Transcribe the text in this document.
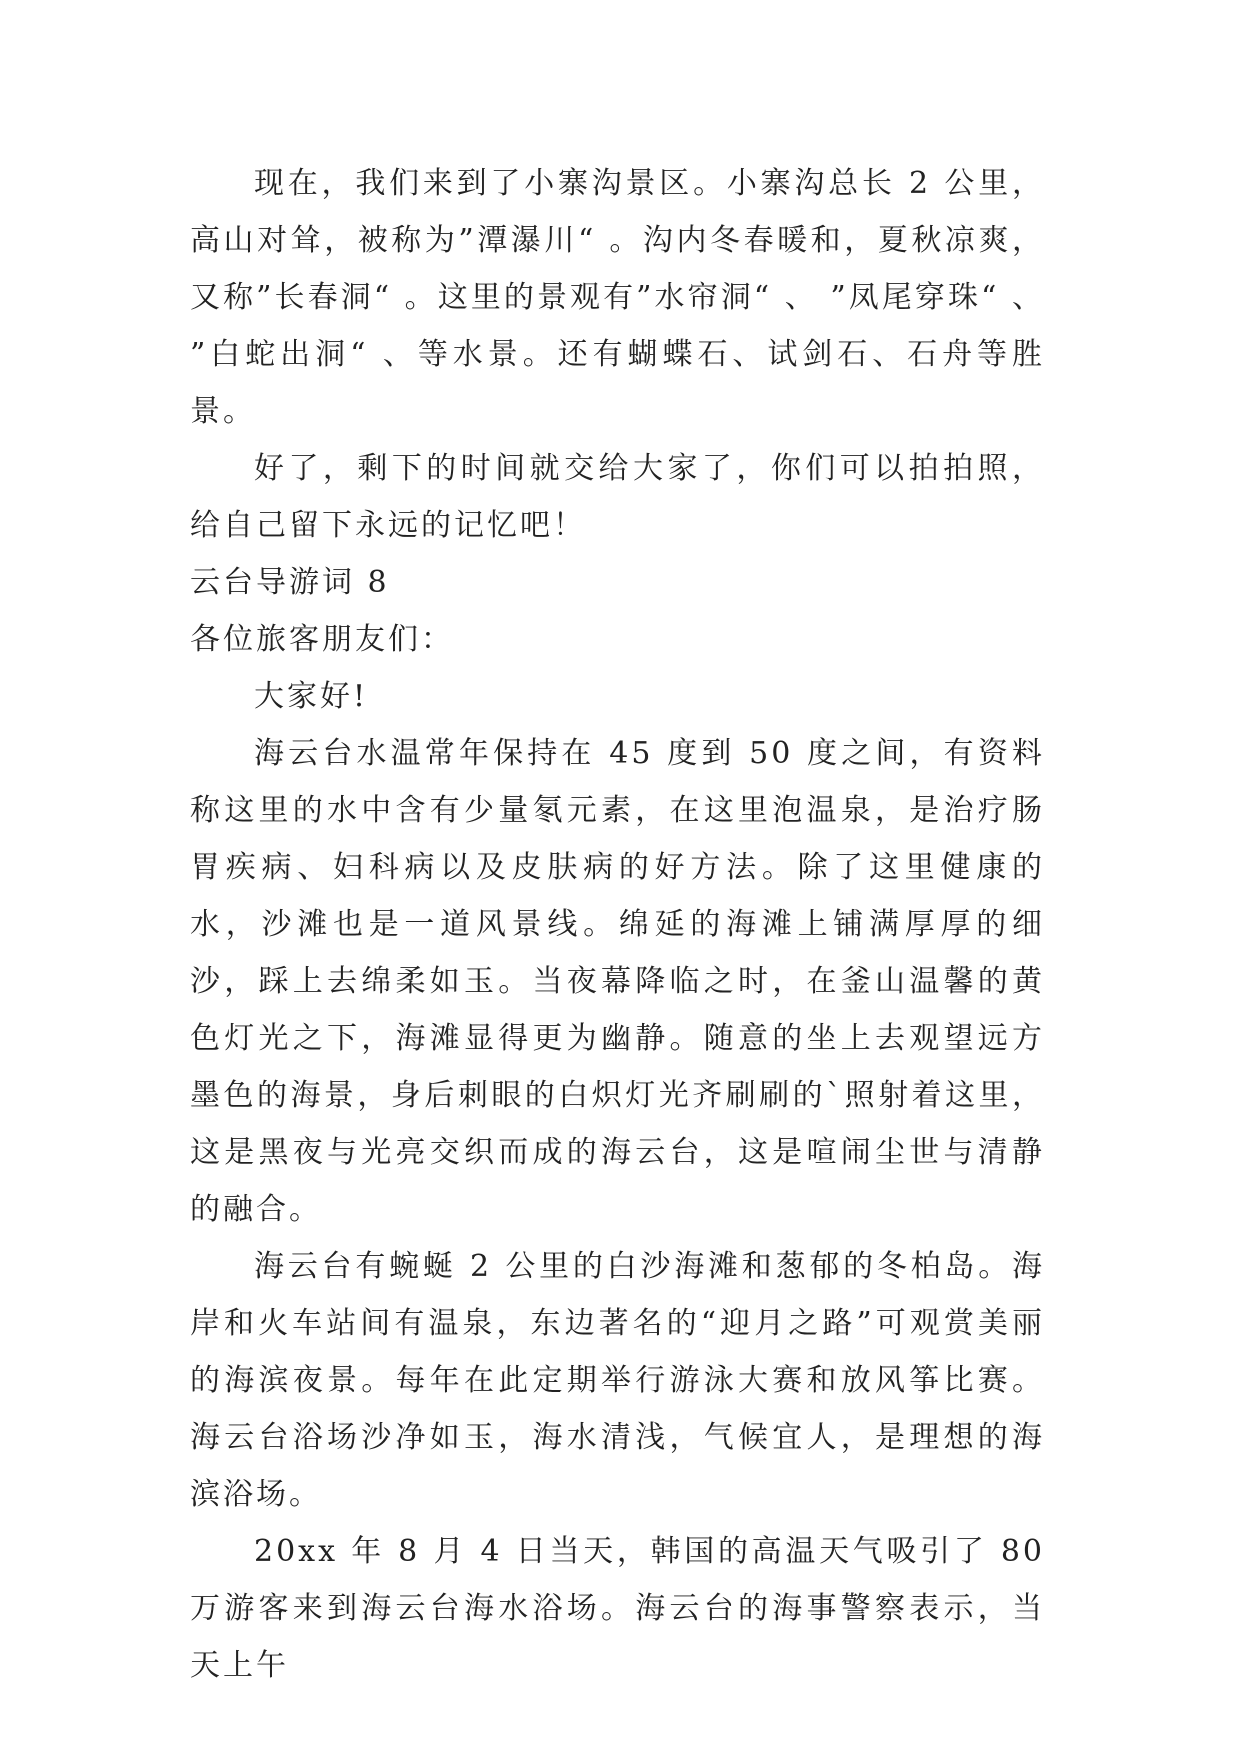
现在，我们来到了小寨沟景区。小寨沟总长 2 公里，高山对耸，被称为”潭瀑川“ 。沟内冬春暖和，夏秋凉爽，又称”长春洞“ 。这里的景观有”水帘洞“ 、 ”凤尾穿珠“ 、 ”白蛇出洞“ 、等水景。还有蝴蝶石、试剑石、石舟等胜景。

好了，剩下的时间就交给大家了，你们可以拍拍照，给自己留下永远的记忆吧！

云台导游词 8

各位旅客朋友们：

大家好!

海云台水温常年保持在 45 度到 50 度之间，有资料称这里的水中含有少量氡元素，在这里泡温泉，是治疗肠胃疾病、妇科病以及皮肤病的好方法。除了这里健康的水，沙滩也是一道风景线。绵延的海滩上铺满厚厚的细沙，踩上去绵柔如玉。当夜幕降临之时，在釜山温馨的黄色灯光之下，海滩显得更为幽静。随意的坐上去观望远方墨色的海景，身后刺眼的白炽灯光齐刷刷的`照射着这里，这是黑夜与光亮交织而成的海云台，这是喧闹尘世与清静的融合。

海云台有蜿蜒 2 公里的白沙海滩和葱郁的冬柏岛。海岸和火车站间有温泉，东边著名的“迎月之路”可观赏美丽的海滨夜景。每年在此定期举行游泳大赛和放风筝比赛。海云台浴场沙净如玉，海水清浅，气候宜人，是理想的海滨浴场。

20xx 年 8 月 4 日当天，韩国的高温天气吸引了 80 万游客来到海云台海水浴场。海云台的海事警察表示，当天上午
